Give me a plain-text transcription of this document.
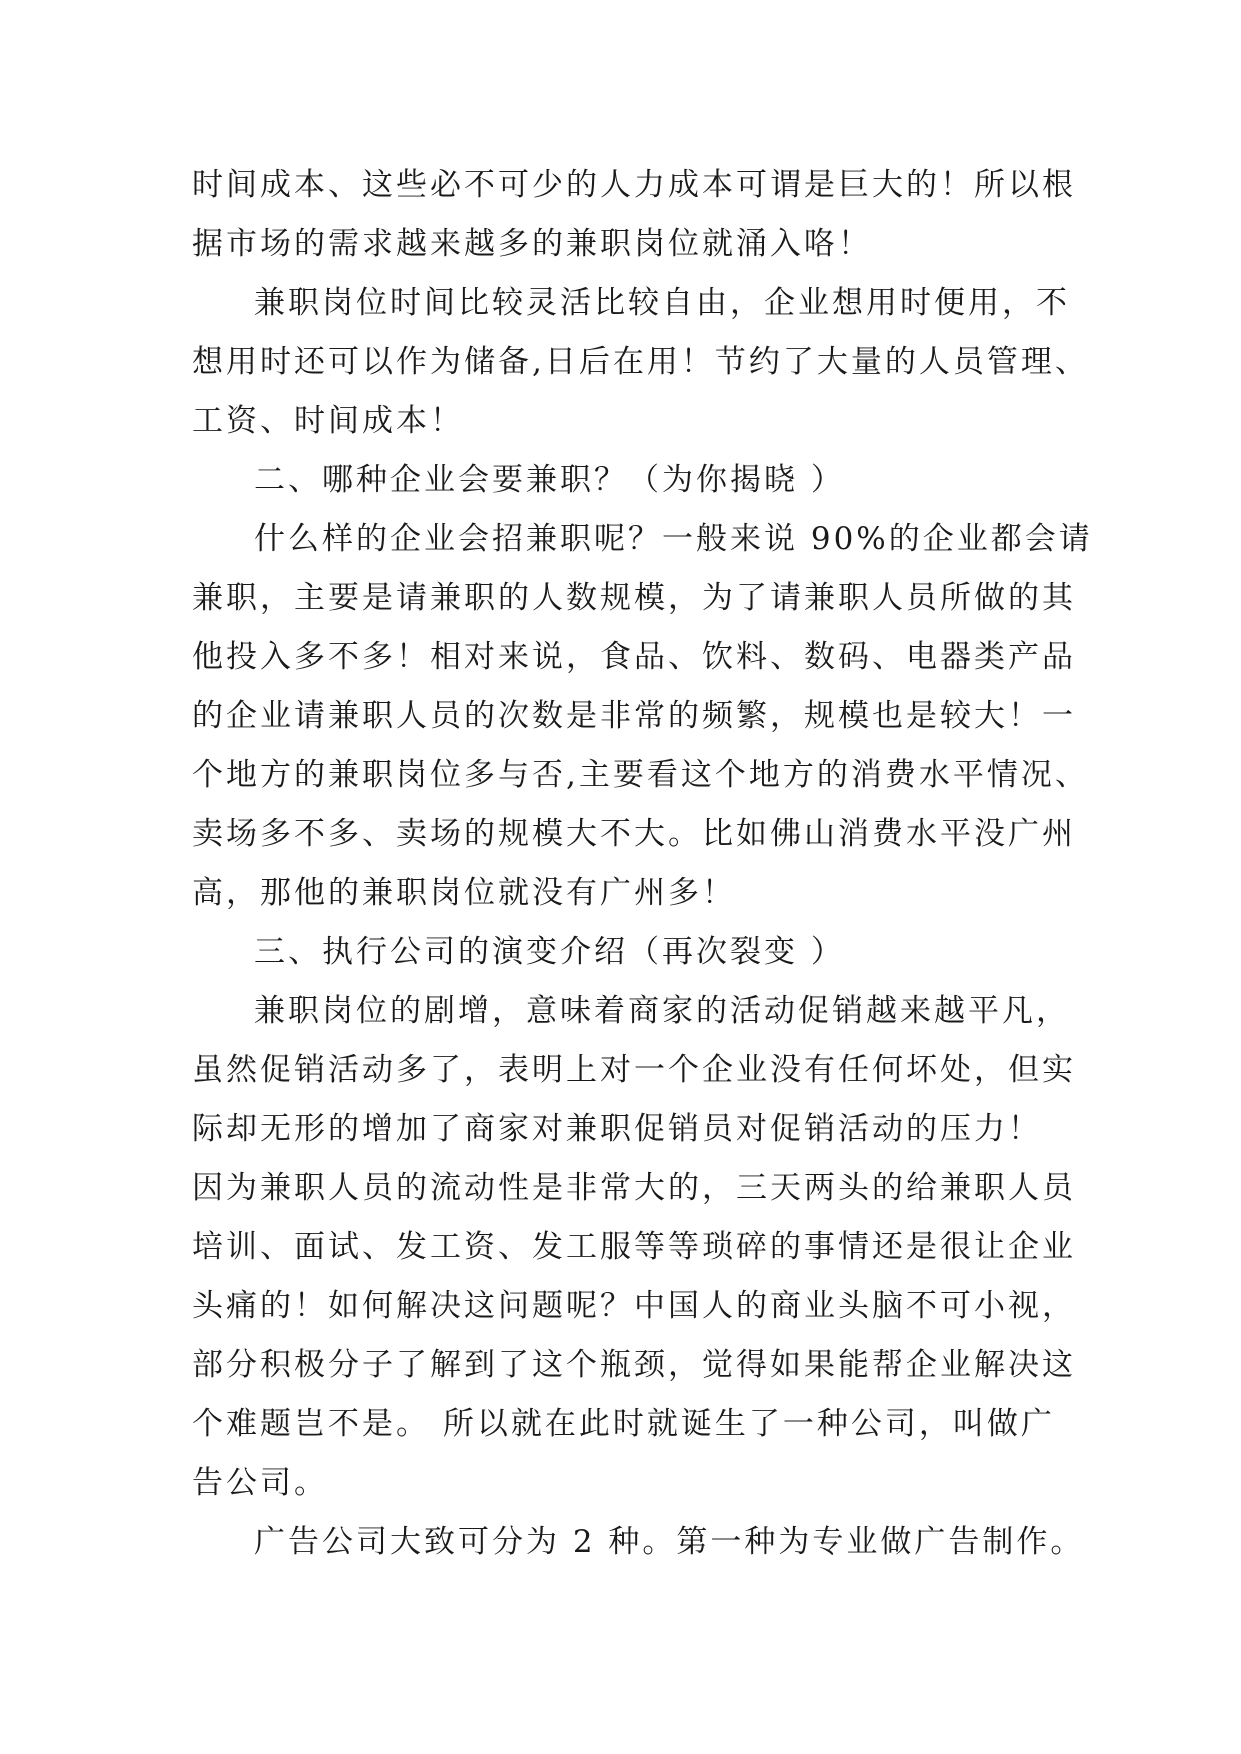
时间成本、这些必不可少的人力成本可谓是巨大的！所以根
据市场的需求越来越多的兼职岗位就涌入咯！
兼职岗位时间比较灵活比较自由，企业想用时便用，不
想用时还可以作为储备,日后在用！节约了大量的人员管理、
工资、时间成本！
二、哪种企业会要兼职？（为你揭晓 ）
什么样的企业会招兼职呢？一般来说 90%的企业都会请
兼职，主要是请兼职的人数规模，为了请兼职人员所做的其
他投入多不多！相对来说，食品、饮料、数码、电器类产品
的企业请兼职人员的次数是非常的频繁，规模也是较大！一
个地方的兼职岗位多与否,主要看这个地方的消费水平情况、
卖场多不多、卖场的规模大不大。比如佛山消费水平没广州
高，那他的兼职岗位就没有广州多！
三、执行公司的演变介绍（再次裂变 ）
兼职岗位的剧增，意味着商家的活动促销越来越平凡，
虽然促销活动多了，表明上对一个企业没有任何坏处，但实
际却无形的增加了商家对兼职促销员对促销活动的压力！
因为兼职人员的流动性是非常大的，三天两头的给兼职人员
培训、面试、发工资、发工服等等琐碎的事情还是很让企业
头痛的！如何解决这问题呢？中国人的商业头脑不可小视，
部分积极分子了解到了这个瓶颈，觉得如果能帮企业解决这
个难题岂不是。 所以就在此时就诞生了一种公司，叫做广
告公司。
广告公司大致可分为 2 种。第一种为专业做广告制作。
